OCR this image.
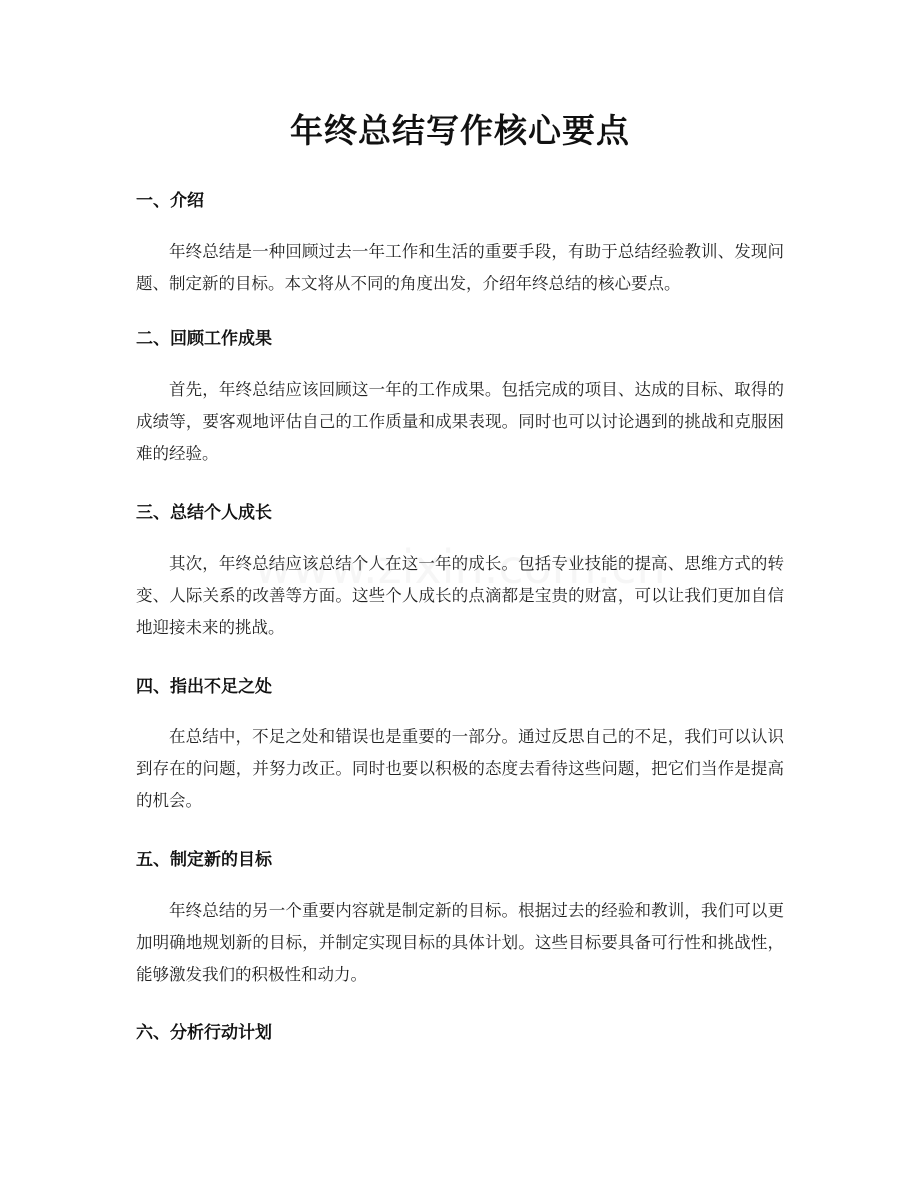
年终总结写作核心要点
一、介绍

年终总结是一种回顾过去一年工作和生活的重要手段，有助于总结经验教训、发现问题、制定新的目标。本文将从不同的角度出发，介绍年终总结的核心要点。

二、回顾工作成果

首先，年终总结应该回顾这一年的工作成果。包括完成的项目、达成的目标、取得的成绩等，要客观地评估自己的工作质量和成果表现。同时也可以讨论遇到的挑战和克服困难的经验。

三、总结个人成长

其次，年终总结应该总结个人在这一年的成长。包括专业技能的提高、思维方式的转变、人际关系的改善等方面。这些个人成长的点滴都是宝贵的财富，可以让我们更加自信地迎接未来的挑战。

四、指出不足之处

在总结中，不足之处和错误也是重要的一部分。通过反思自己的不足，我们可以认识到存在的问题，并努力改正。同时也要以积极的态度去看待这些问题，把它们当作是提高的机会。

五、制定新的目标

年终总结的另一个重要内容就是制定新的目标。根据过去的经验和教训，我们可以更加明确地规划新的目标，并制定实现目标的具体计划。这些目标要具备可行性和挑战性，能够激发我们的积极性和动力。

六、分析行动计划
